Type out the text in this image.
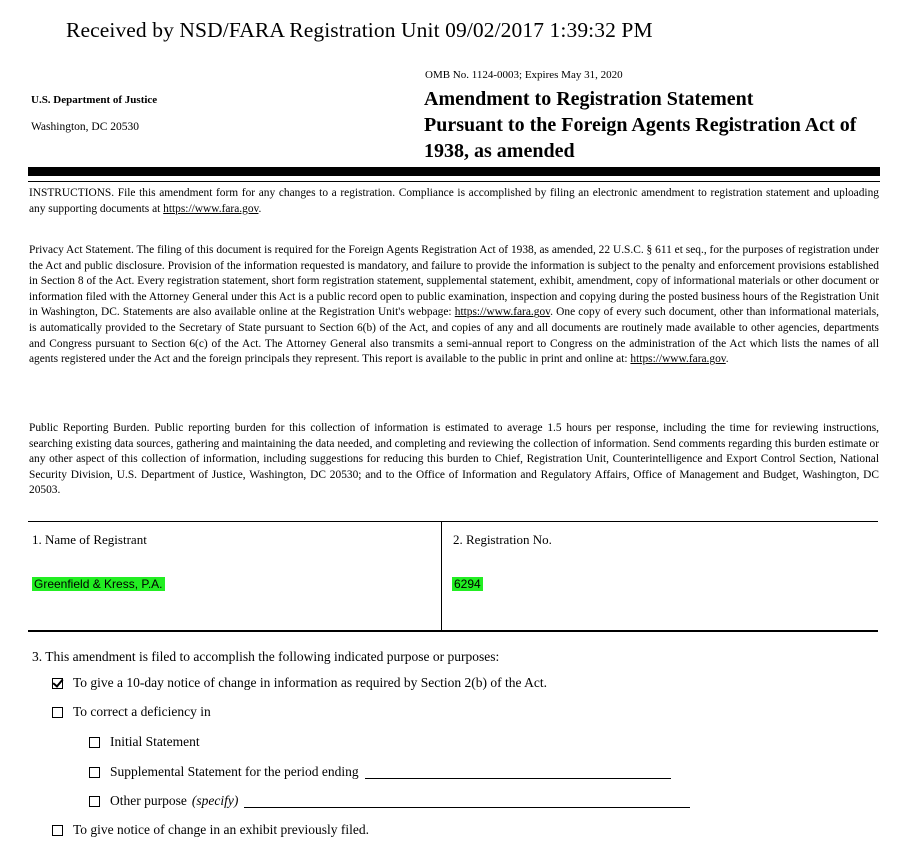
Received by NSD/FARA Registration Unit 09/02/2017 1:39:32 PM
OMB No. 1124-0003; Expires May 31, 2020
U.S. Department of Justice
Washington, DC 20530
Amendment to Registration Statement
Pursuant to the Foreign Agents Registration Act of
1938, as amended
INSTRUCTIONS. File this amendment form for any changes to a registration. Compliance is accomplished by filing an electronic amendment to registration statement and uploading any supporting documents at https://www.fara.gov.
Privacy Act Statement. The filing of this document is required for the Foreign Agents Registration Act of 1938, as amended, 22 U.S.C. § 611 et seq., for the purposes of registration under the Act and public disclosure. Provision of the information requested is mandatory, and failure to provide the information is subject to the penalty and enforcement provisions established in Section 8 of the Act. Every registration statement, short form registration statement, supplemental statement, exhibit, amendment, copy of informational materials or other document or information filed with the Attorney General under this Act is a public record open to public examination, inspection and copying during the posted business hours of the Registration Unit in Washington, DC. Statements are also available online at the Registration Unit's webpage: https://www.fara.gov. One copy of every such document, other than informational materials, is automatically provided to the Secretary of State pursuant to Section 6(b) of the Act, and copies of any and all documents are routinely made available to other agencies, departments and Congress pursuant to Section 6(c) of the Act. The Attorney General also transmits a semi-annual report to Congress on the administration of the Act which lists the names of all agents registered under the Act and the foreign principals they represent. This report is available to the public in print and online at: https://www.fara.gov.
Public Reporting Burden. Public reporting burden for this collection of information is estimated to average 1.5 hours per response, including the time for reviewing instructions, searching existing data sources, gathering and maintaining the data needed, and completing and reviewing the collection of information. Send comments regarding this burden estimate or any other aspect of this collection of information, including suggestions for reducing this burden to Chief, Registration Unit, Counterintelligence and Export Control Section, National Security Division, U.S. Department of Justice, Washington, DC 20530; and to the Office of Information and Regulatory Affairs, Office of Management and Budget, Washington, DC 20503.
1. Name of Registrant	2. Registration No.
Greenfield & Kress, P.A.	6294
3. This amendment is filed to accomplish the following indicated purpose or purposes:
To give a 10-day notice of change in information as required by Section 2(b) of the Act.
To correct a deficiency in
Initial Statement
Supplemental Statement for the period ending
Other purpose (specify)
To give notice of change in an exhibit previously filed.
